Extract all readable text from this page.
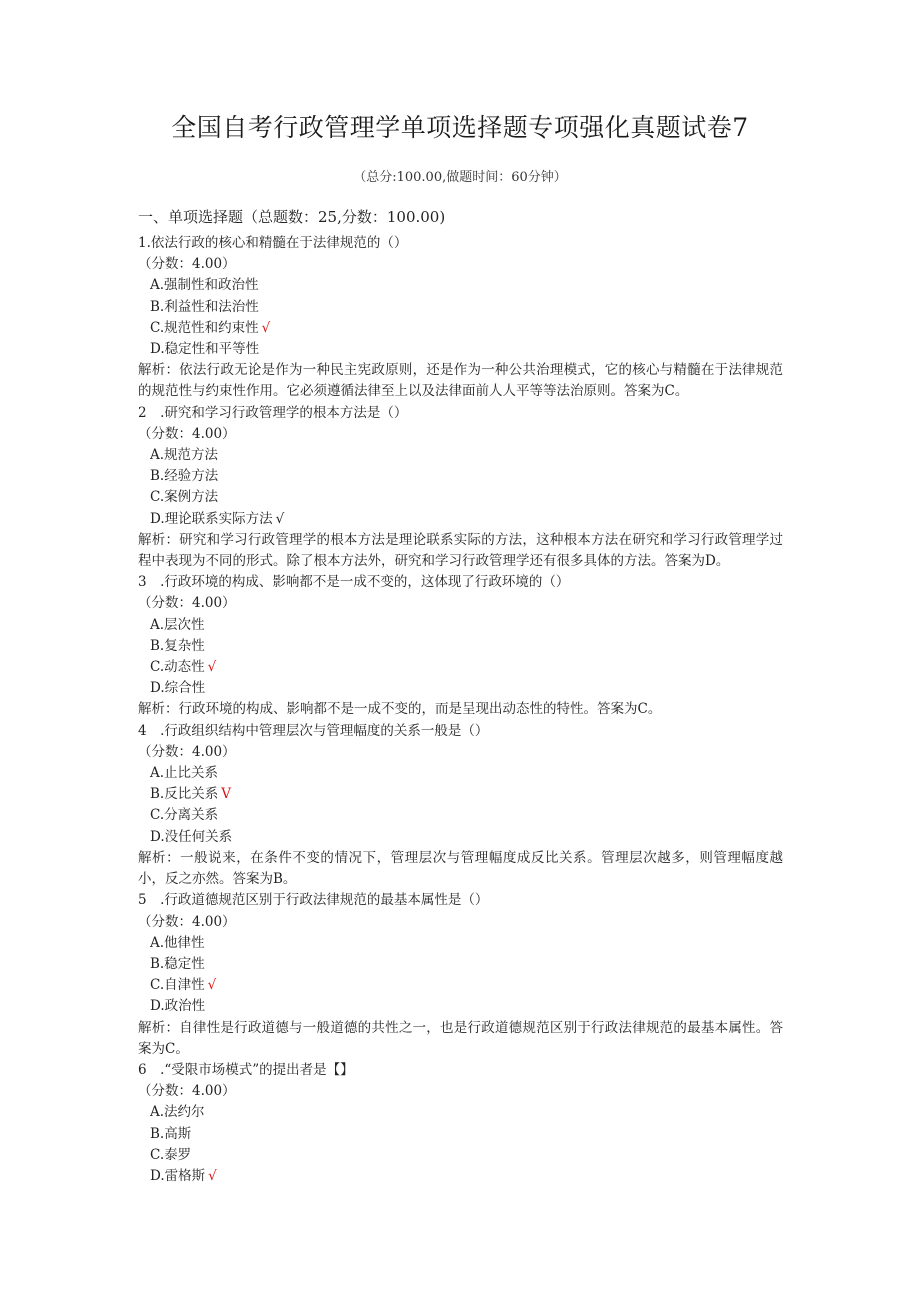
全国自考行政管理学单项选择题专项强化真题试卷7
（总分:100.00,做题时间：60分钟）
一、单项选择题（总题数：25,分数：100.00)
1.依法行政的核心和精髓在于法律规范的（）
（分数：4.00）
A.强制性和政治性
B.利益性和法治性
C.规范性和约束性 √
D.稳定性和平等性
解析：依法行政无论是作为一种民主宪政原则，还是作为一种公共治理模式，它的核心与精髓在于法律规范的规范性与约束性作用。它必须遵循法律至上以及法律面前人人平等等法治原则。答案为C。
2　.研究和学习行政管理学的根本方法是（）
（分数：4.00）
A.规范方法
B.经验方法
C.案例方法
D.理论联系实际方法 √
解析：研究和学习行政管理学的根本方法是理论联系实际的方法，这种根本方法在研究和学习行政管理学过程中表现为不同的形式。除了根本方法外，研究和学习行政管理学还有很多具体的方法。答案为D。
3　.行政环境的构成、影响都不是一成不变的，这体现了行政环境的（）
（分数：4.00）
A.层次性
B.复杂性
C.动态性 √
D.综合性
解析：行政环境的构成、影响都不是一成不变的，而是呈现出动态性的特性。答案为C。
4　.行政组织结构中管理层次与管理幅度的关系一般是（）
（分数：4.00）
A.止比关系
B.反比关系 V
C.分离关系
D.没任何关系
解析：一般说来，在条件不变的情况下，管理层次与管理幅度成反比关系。管理层次越多，则管理幅度越小，反之亦然。答案为B。
5　.行政道德规范区别于行政法律规范的最基本属性是（）
（分数：4.00）
A.他律性
B.稳定性
C.自津性 √
D.政治性
解析：自律性是行政道德与一般道德的共性之一，也是行政道德规范区别于行政法律规范的最基本属性。答案为C。
6　.“受限市场模式”的提出者是【】
（分数：4.00）
A.法约尔
B.高斯
C.泰罗
D.雷格斯 √
